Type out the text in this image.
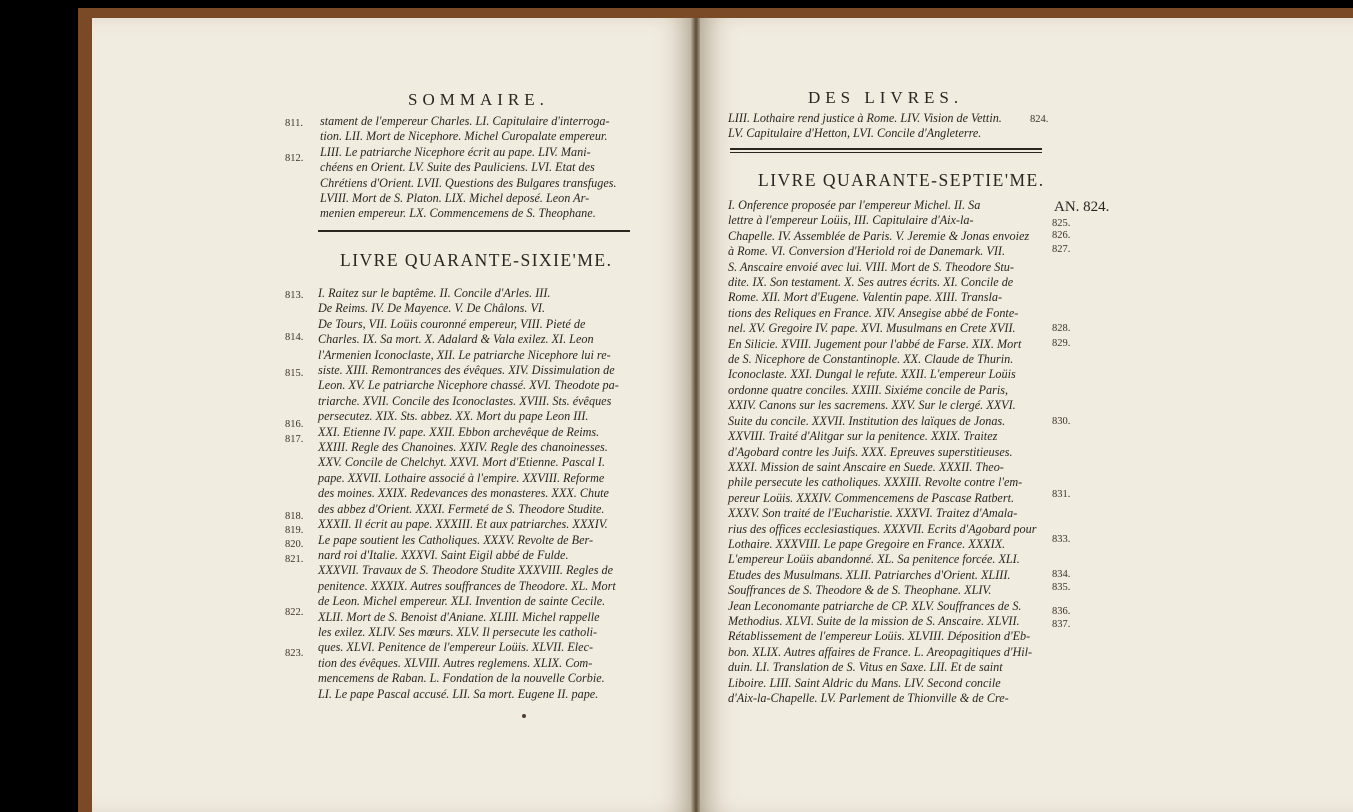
SOMMAIRE.
811.
812.

stament de l'empereur Charles. LI. Capitulaire d'interroga-

tion. LII. Mort de Nicephore. Michel Curopalate empereur.

LIII. Le patriarche Nicephore écrit au pape. LIV. Mani-

chéens en Orient. LV. Suite des Pauliciens. LVI. Etat des

Chrétiens d'Orient. LVII. Questions des Bulgares transfuges.

LVIII. Mort de S. Platon. LIX. Michel deposé. Leon Ar-

menien empereur. LX. Commencemens de S. Theophane.

LIVRE QUARANTE-SIXIE'ME.
813.
814.
815.
816.
817.
818.
819.
820.
821.
822.
823.

I. Raitez sur le baptême. II. Concile d'Arles. III.

De Reims. IV. De Mayence. V. De Châlons. VI.

De Tours, VII. Loüis couronné empereur, VIII. Pieté de

Charles. IX. Sa mort. X. Adalard & Vala exilez. XI. Leon

l'Armenien Iconoclaste, XII. Le patriarche Nicephore lui re-

siste. XIII. Remontrances des évêques. XIV. Dissimulation de

Leon. XV. Le patriarche Nicephore chassé. XVI. Theodote pa-

triarche. XVII. Concile des Iconoclastes. XVIII. Sts. évêques

persecutez. XIX. Sts. abbez. XX. Mort du pape Leon III.

XXI. Etienne IV. pape. XXII. Ebbon archevêque de Reims.

XXIII. Regle des Chanoines. XXIV. Regle des chanoinesses.

XXV. Concile de Chelchyt. XXVI. Mort d'Etienne. Pascal I.

pape. XXVII. Lothaire associé à l'empire. XXVIII. Reforme

des moines. XXIX. Redevances des monasteres. XXX. Chute

des abbez d'Orient. XXXI. Fermeté de S. Theodore Studite.

XXXII. Il écrit au pape. XXXIII. Et aux patriarches. XXXIV.

Le pape soutient les Catholiques. XXXV. Revolte de Ber-

nard roi d'Italie. XXXVI. Saint Eigil abbé de Fulde.

XXXVII. Travaux de S. Theodore Studite XXXVIII. Regles de

penitence. XXXIX. Autres souffrances de Theodore. XL. Mort

de Leon. Michel empereur. XLI. Invention de sainte Cecile.

XLII. Mort de S. Benoist d'Aniane. XLIII. Michel rappelle

les exilez. XLIV. Ses mœurs. XLV. Il persecute les catholi-

ques. XLVI. Penitence de l'empereur Loüis. XLVII. Elec-

tion des évêques. XLVIII. Autres reglemens. XLIX. Com-

mencemens de Raban. L. Fondation de la nouvelle Corbie.

LI. Le pape Pascal accusé. LII. Sa mort. Eugene II. pape.

DES LIVRES.

LIII. Lothaire rend justice à Rome. LIV. Vision de Vettin.

LV. Capitulaire d'Hetton, LVI. Concile d'Angleterre.

824.
LIVRE QUARANTE-SEPTIE'ME.
AN. 824.
825.
826.
827.
828.
829.
830.
831.
833.
834.
835.
836.
837.

I. Onference proposée par l'empereur Michel. II. Sa

lettre à l'empereur Loüis, III. Capitulaire d'Aix-la-

Chapelle. IV. Assemblée de Paris. V. Jeremie & Jonas envoiez

à Rome. VI. Conversion d'Heriold roi de Danemark. VII.

S. Anscaire envoié avec lui. VIII. Mort de S. Theodore Stu-

dite. IX. Son testament. X. Ses autres écrits. XI. Concile de

Rome. XII. Mort d'Eugene. Valentin pape. XIII. Transla-

tions des Reliques en France. XIV. Ansegise abbé de Fonte-

nel. XV. Gregoire IV. pape. XVI. Musulmans en Crete XVII.

En Silicie. XVIII. Jugement pour l'abbé de Farse. XIX. Mort

de S. Nicephore de Constantinople. XX. Claude de Thurin.

Iconoclaste. XXI. Dungal le refute. XXII. L'empereur Loüis

ordonne quatre conciles. XXIII. Sixiéme concile de Paris,

XXIV. Canons sur les sacremens. XXV. Sur le clergé. XXVI.

Suite du concile. XXVII. Institution des laïques de Jonas.

XXVIII. Traité d'Alitgar sur la penitence. XXIX. Traitez

d'Agobard contre les Juifs. XXX. Epreuves superstitieuses.

XXXI. Mission de saint Anscaire en Suede. XXXII. Theo-

phile persecute les catholiques. XXXIII. Revolte contre l'em-

pereur Loüis. XXXIV. Commencemens de Pascase Ratbert.

XXXV. Son traité de l'Eucharistie. XXXVI. Traitez d'Amala-

rius des offices ecclesiastiques. XXXVII. Ecrits d'Agobard pour

Lothaire. XXXVIII. Le pape Gregoire en France. XXXIX.

L'empereur Loüis abandonné. XL. Sa penitence forcée. XLI.

Etudes des Musulmans. XLII. Patriarches d'Orient. XLIII.

Souffrances de S. Theodore & de S. Theophane. XLIV.

Jean Leconomante patriarche de CP. XLV. Souffrances de S.

Methodius. XLVI. Suite de la mission de S. Anscaire. XLVII.

Rétablissement de l'empereur Loüis. XLVIII. Déposition d'Eb-

bon. XLIX. Autres affaires de France. L. Areopagitiques d'Hil-

duin. LI. Translation de S. Vitus en Saxe. LII. Et de saint

Liboire. LIII. Saint Aldric du Mans. LIV. Second concile

d'Aix-la-Chapelle. LV. Parlement de Thionville & de Cre-
